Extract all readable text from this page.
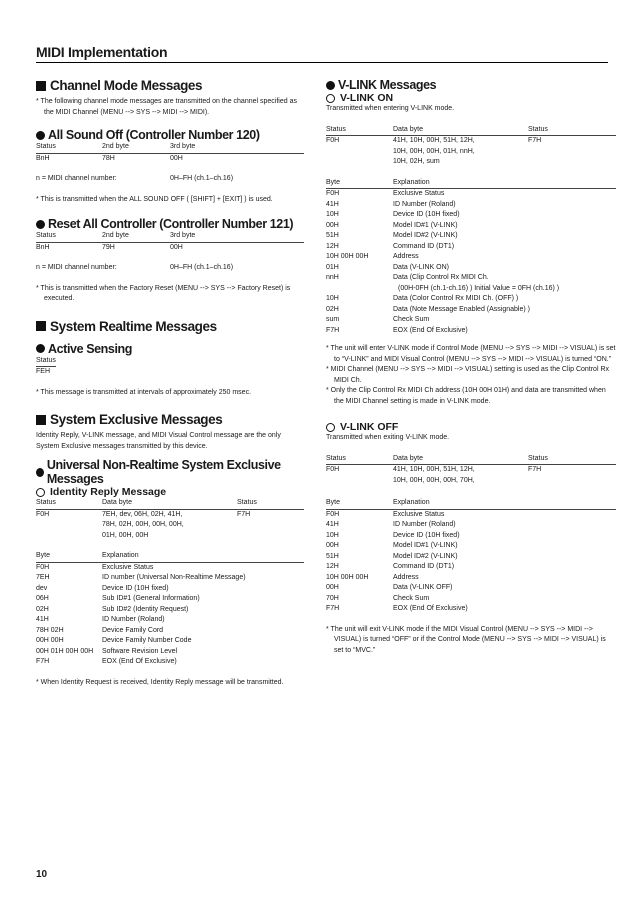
MIDI Implementation
Channel Mode Messages
* The following channel mode messages are transmitted on the channel specified as the MIDI Channel (MENU --> SYS --> MIDI --> MIDI).
All Sound Off (Controller Number 120)
Status	2nd byte	3rd byte
BnH	78H	00H
n = MIDI channel number:	0H–FH (ch.1–ch.16)
* This is transmitted when the ALL SOUND OFF ( [SHIFT] + [EXIT] ) is used.
Reset All Controller (Controller Number 121)
Status	2nd byte	3rd byte
BnH	79H	00H
n = MIDI channel number:	0H–FH (ch.1–ch.16)
* This is transmitted when the Factory Reset (MENU --> SYS --> Factory Reset) is executed.
System Realtime Messages
Active Sensing
Status
FEH
* This message is transmitted at intervals of approximately 250 msec.
System Exclusive Messages
Identity Reply, V-LINK message, and MIDI Visual Control message are the only System Exclusive messages transmitted by this device.
Universal Non-Realtime System Exclusive Messages
Identity Reply Message
Status	Data byte	Status
F0H	7EH, dev, 06H, 02H, 41H,	F7H
78H, 02H, 00H, 00H, 00H,
01H, 00H, 00H
Byte	Explanation
F0H	Exclusive Status
7EH	ID number (Universal Non-Realtime Message)
dev	Device ID (10H fixed)
06H	Sub ID#1 (General Information)
02H	Sub ID#2 (Identity Request)
41H	ID Number (Roland)
78H 02H	Device Family Cord
00H 00H	Device Family Number Code
00H 01H 00H 00H	Software Revision Level
F7H	EOX (End Of Exclusive)
* When Identity Request is received, Identity Reply message will be transmitted.
V-LINK Messages
V-LINK ON
Transmitted when entering V-LINK mode.
Status	Data byte	Status
F0H	41H, 10H, 00H, 51H, 12H,	F7H
10H, 00H, 00H, 01H, nnH,
10H, 02H, sum
Byte	Explanation
F0H	Exclusive Status
41H	ID Number (Roland)
10H	Device ID (10H fixed)
00H	Model ID#1 (V-LINK)
51H	Model ID#2 (V-LINK)
12H	Command ID (DT1)
10H 00H 00H	Address
01H	Data (V-LINK ON)
nnH	Data (Clip Control Rx MIDI Ch.
(00H-0FH (ch.1-ch.16) ) Initial Value = 0FH (ch.16) )
10H	Data (Color Control Rx MIDI Ch. (OFF) )
02H	Data (Note Message Enabled (Assignable) )
sum	Check Sum
F7H	EOX (End Of Exclusive)
* The unit will enter V-LINK mode if Control Mode (MENU --> SYS --> MIDI --> VISUAL) is set to “V-LINK” and MIDI Visual Control (MENU --> SYS --> MIDI --> VISUAL) is turned “ON.”
* MIDI Channel (MENU --> SYS --> MIDI --> VISUAL) setting is used as the Clip Control Rx MIDI Ch.
* Only the Clip Control Rx MIDI Ch address (10H 00H 01H) and data are transmitted when the MIDI Channel setting is made in V-LINK mode.
V-LINK OFF
Transmitted when exiting V-LINK mode.
Status	Data byte	Status
F0H	41H, 10H, 00H, 51H, 12H,	F7H
10H, 00H, 00H, 00H, 70H,
Byte	Explanation
F0H	Exclusive Status
41H	ID Number (Roland)
10H	Device ID (10H fixed)
00H	Model ID#1 (V-LINK)
51H	Model ID#2 (V-LINK)
12H	Command ID (DT1)
10H 00H 00H	Address
00H	Data (V-LINK OFF)
70H	Check Sum
F7H	EOX (End Of Exclusive)
* The unit will exit V-LINK mode if the MIDI Visual Control (MENU --> SYS --> MIDI --> VISUAL) is turned “OFF” or if the Control Mode (MENU --> SYS --> MIDI --> VISUAL) is set to “MVC.”
10
